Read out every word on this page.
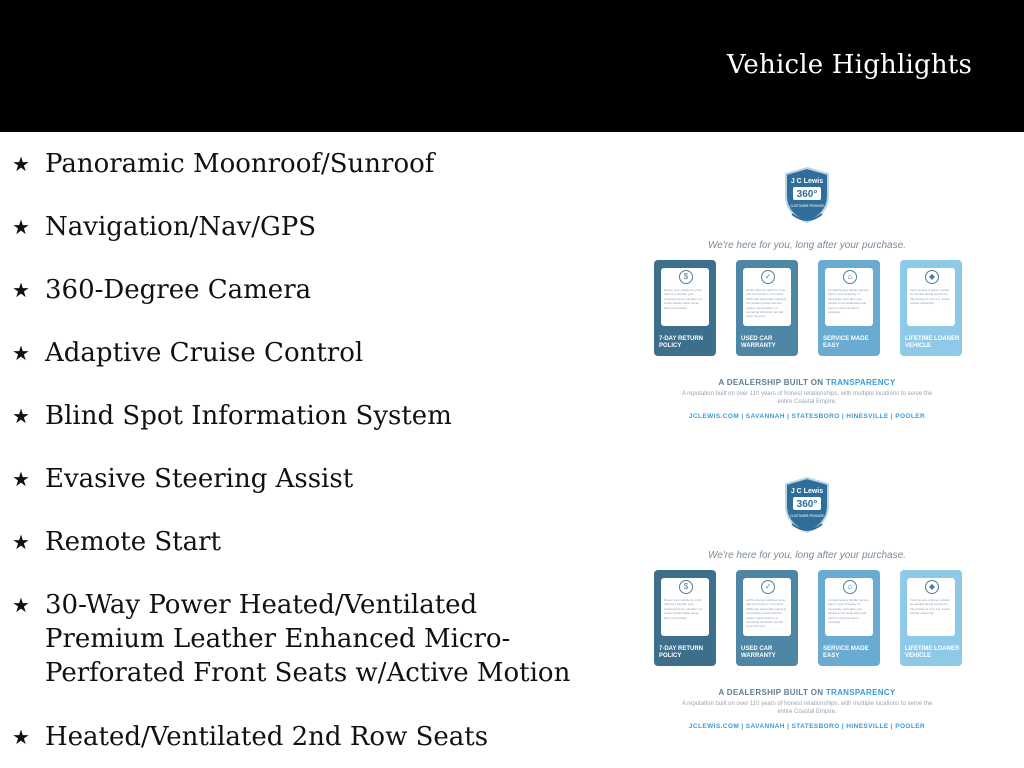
Vehicle Highlights
★ Panoramic Moonroof/Sunroof
★ Navigation/Nav/GPS
★ 360-Degree Camera
★ Adaptive Cruise Control
★ Blind Spot Information System
★ Evasive Steering Assist
★ Remote Start
★ 30-Way Power Heated/Ventilated Premium Leather Enhanced Micro-Perforated Front Seats w/Active Motion
★ Heated/Ventilated 2nd Row Seats
J C Lewis
360°
CUSTOMER PROMISE
We're here for you, long after your purchase.
$
Return your vehicle for a full refund or transfer your downpayment to another J.C. Lewis vehicle within seven days of purchase.
7-DAY RETURN POLICY
✓
All Pre-Owned vehicles come with at minimum, a 3 month, 3000 mile powertrain warranty. If a problem arises with the engine, transmission, or remaining drivetrain, we will cover the cost.
USED CAR WARRANTY
⌂
Complimentary Mobile Service right in your driveway. If necessary, we'll take your vehicle to the dealership and return it once service is complete.
SERVICE MADE EASY
◆
You'll receive a loaner vehicle as needed during service for the entirety of your J.C. Lewis vehicle ownership.
LIFETIME LOANER VEHICLE
A DEALERSHIP BUILT ON TRANSPARENCY
A reputation built on over 110 years of honest relationships, with multiple locations to serve the entire Coastal Empire.
JCLEWIS.COM | SAVANNAH | STATESBORO | HINESVILLE | POOLER
J C Lewis
360°
CUSTOMER PROMISE
We're here for you, long after your purchase.
$
Return your vehicle for a full refund or transfer your downpayment to another J.C. Lewis vehicle within seven days of purchase.
7-DAY RETURN POLICY
✓
All Pre-Owned vehicles come with at minimum, a 3 month, 3000 mile powertrain warranty. If a problem arises with the engine, transmission, or remaining drivetrain, we will cover the cost.
USED CAR WARRANTY
⌂
Complimentary Mobile Service right in your driveway. If necessary, we'll take your vehicle to the dealership and return it once service is complete.
SERVICE MADE EASY
◆
You'll receive a loaner vehicle as needed during service for the entirety of your J.C. Lewis vehicle ownership.
LIFETIME LOANER VEHICLE
A DEALERSHIP BUILT ON TRANSPARENCY
A reputation built on over 110 years of honest relationships, with multiple locations to serve the entire Coastal Empire.
JCLEWIS.COM | SAVANNAH | STATESBORO | HINESVILLE | POOLER
